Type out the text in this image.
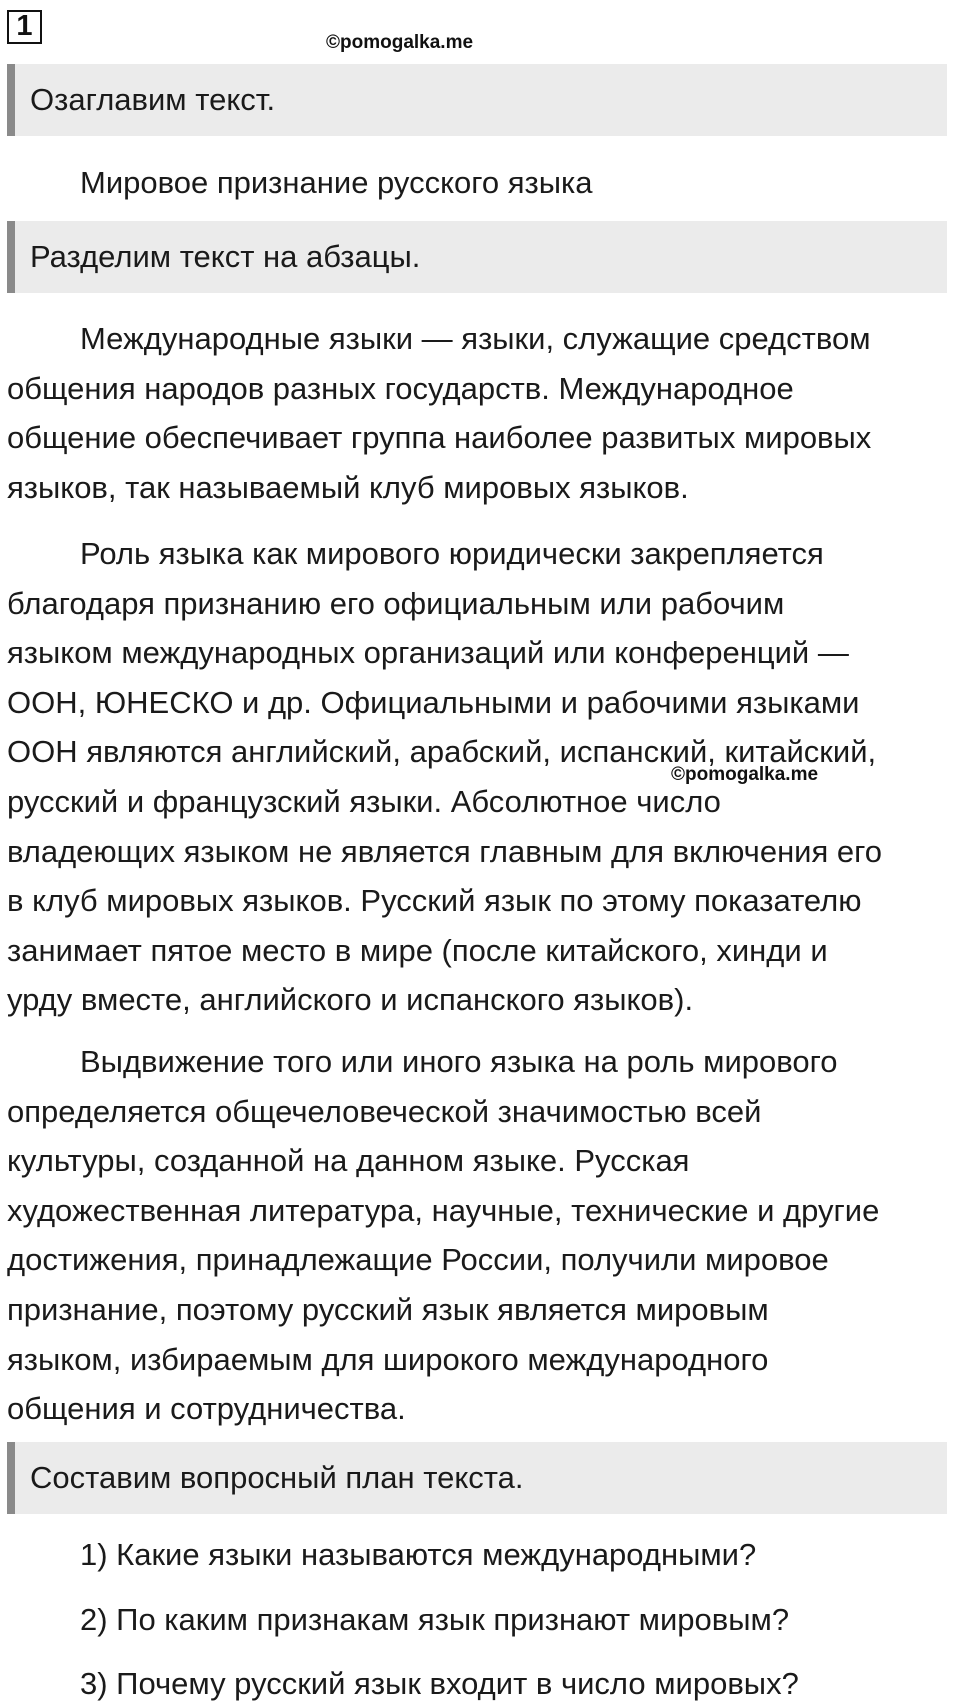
1
©pomogalka.me
Озаглавим текст.
Мировое признание русского языка
Разделим текст на абзацы.
Международные языки — языки, служащие средством
общения народов разных государств. Международное
общение обеспечивает группа наиболее развитых мировых
языков, так называемый клуб мировых языков.
Роль языка как мирового юридически закрепляется
благодаря признанию его официальным или рабочим
языком международных организаций или конференций —
ООН, ЮНЕСКО и др. Официальными и рабочими языками
ООН являются английский, арабский, испанский, китайский,
русский и французский языки. Абсолютное число
владеющих языком не является главным для включения его
в клуб мировых языков. Русский язык по этому показателю
занимает пятое место в мире (после китайского, хинди и
урду вместе, английского и испанского языков).
©pomogalka.me
Выдвижение того или иного языка на роль мирового
определяется общечеловеческой значимостью всей
культуры, созданной на данном языке. Русская
художественная литература, научные, технические и другие
достижения, принадлежащие России, получили мировое
признание, поэтому русский язык является мировым
языком, избираемым для широкого международного
общения и сотрудничества.
Составим вопросный план текста.
1) Какие языки называются международными?
2) По каким признакам язык признают мировым?
3) Почему русский язык входит в число мировых?
